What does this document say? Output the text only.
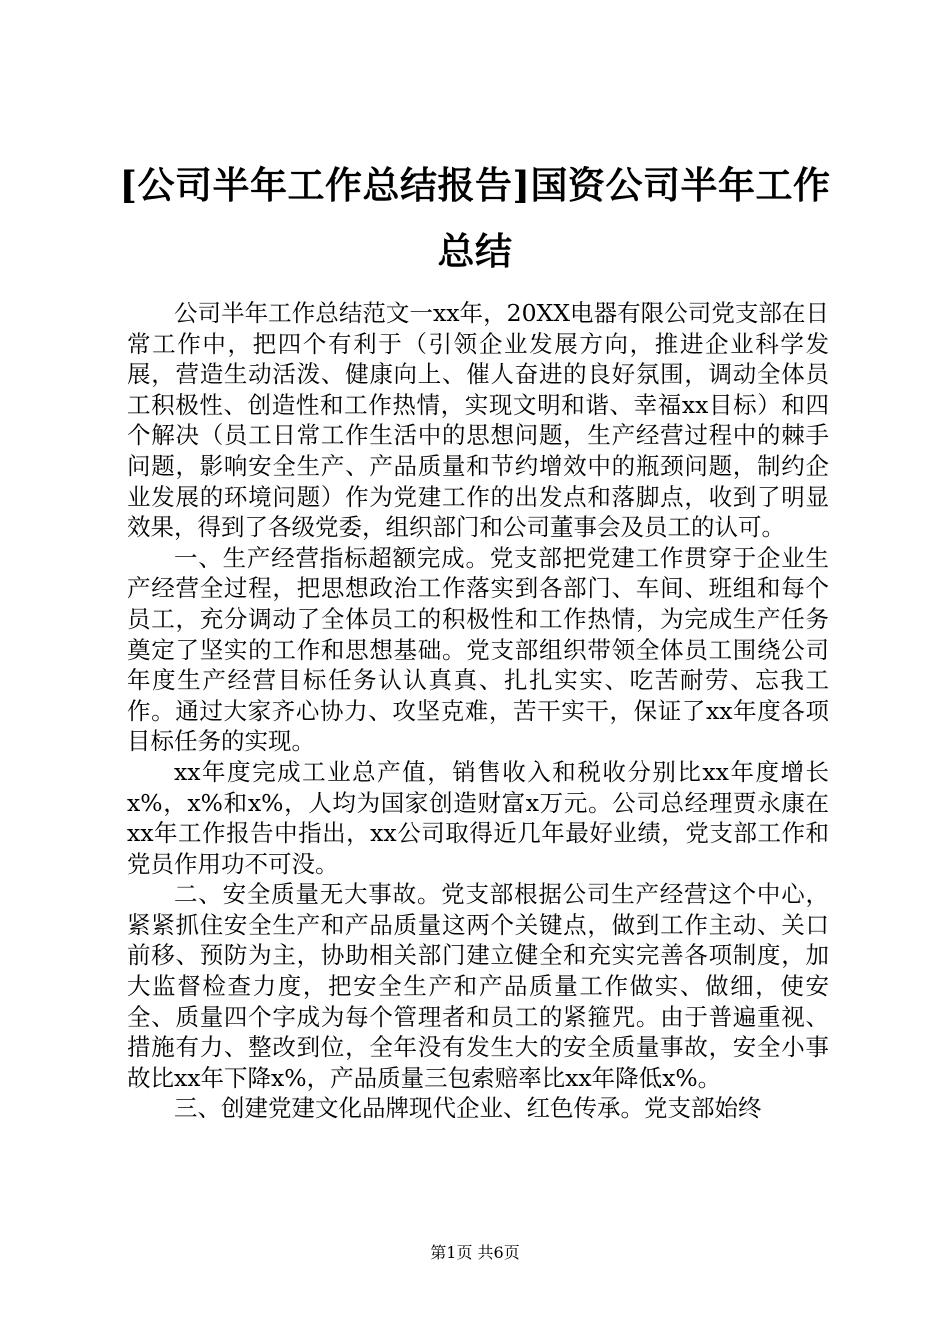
[公司半年工作总结报告]国资公司半年工作总结

公司半年工作总结范文一xx年，20XX电器有限公司党支部在日常工作中，把四个有利于（引领企业发展方向，推进企业科学发展，营造生动活泼、健康向上、催人奋进的良好氛围，调动全体员工积极性、创造性和工作热情，实现文明和谐、幸福xx目标）和四个解决（员工日常工作生活中的思想问题，生产经营过程中的棘手问题，影响安全生产、产品质量和节约增效中的瓶颈问题，制约企业发展的环境问题）作为党建工作的出发点和落脚点，收到了明显效果，得到了各级党委，组织部门和公司董事会及员工的认可。

一、生产经营指标超额完成。党支部把党建工作贯穿于企业生产经营全过程，把思想政治工作落实到各部门、车间、班组和每个员工，充分调动了全体员工的积极性和工作热情，为完成生产任务奠定了坚实的工作和思想基础。党支部组织带领全体员工围绕公司年度生产经营目标任务认认真真、扎扎实实、吃苦耐劳、忘我工作。通过大家齐心协力、攻坚克难，苦干实干，保证了xx年度各项目标任务的实现。

xx年度完成工业总产值，销售收入和税收分别比xx年度增长x%，x%和x%，人均为国家创造财富x万元。公司总经理贾永康在xx年工作报告中指出，xx公司取得近几年最好业绩，党支部工作和党员作用功不可没。

二、安全质量无大事故。党支部根据公司生产经营这个中心，紧紧抓住安全生产和产品质量这两个关键点，做到工作主动、关口前移、预防为主，协助相关部门建立健全和充实完善各项制度，加大监督检查力度，把安全生产和产品质量工作做实、做细，使安全、质量四个字成为每个管理者和员工的紧箍咒。由于普遍重视、措施有力、整改到位，全年没有发生大的安全质量事故，安全小事故比xx年下降x%，产品质量三包索赔率比xx年降低x%。

三、创建党建文化品牌现代企业、红色传承。党支部始终

第1页 共6页
